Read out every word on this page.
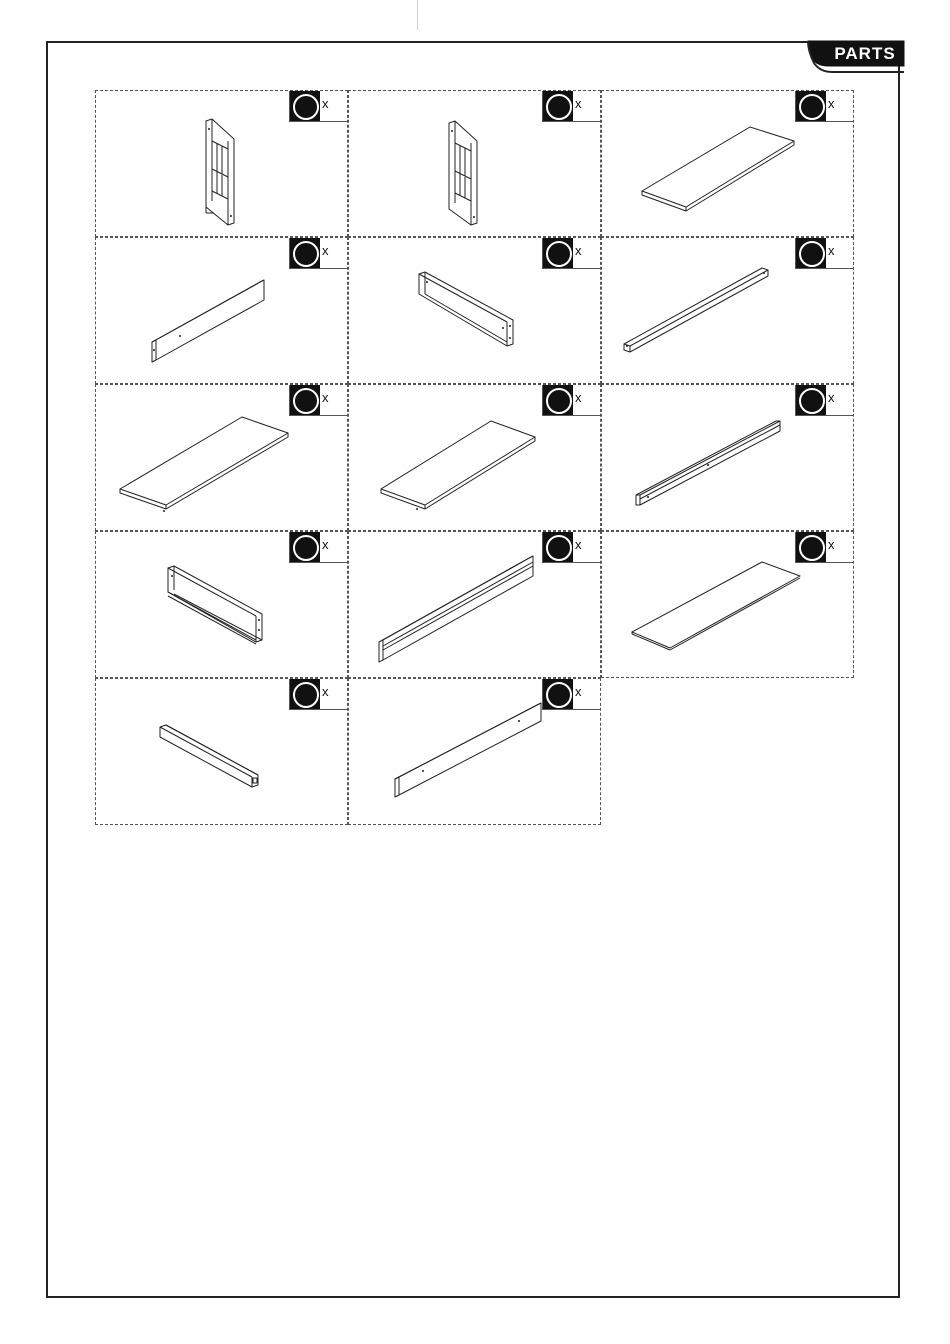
PARTS
x	x	x
x	x	x
x	x	x
x	x	x
x	x
